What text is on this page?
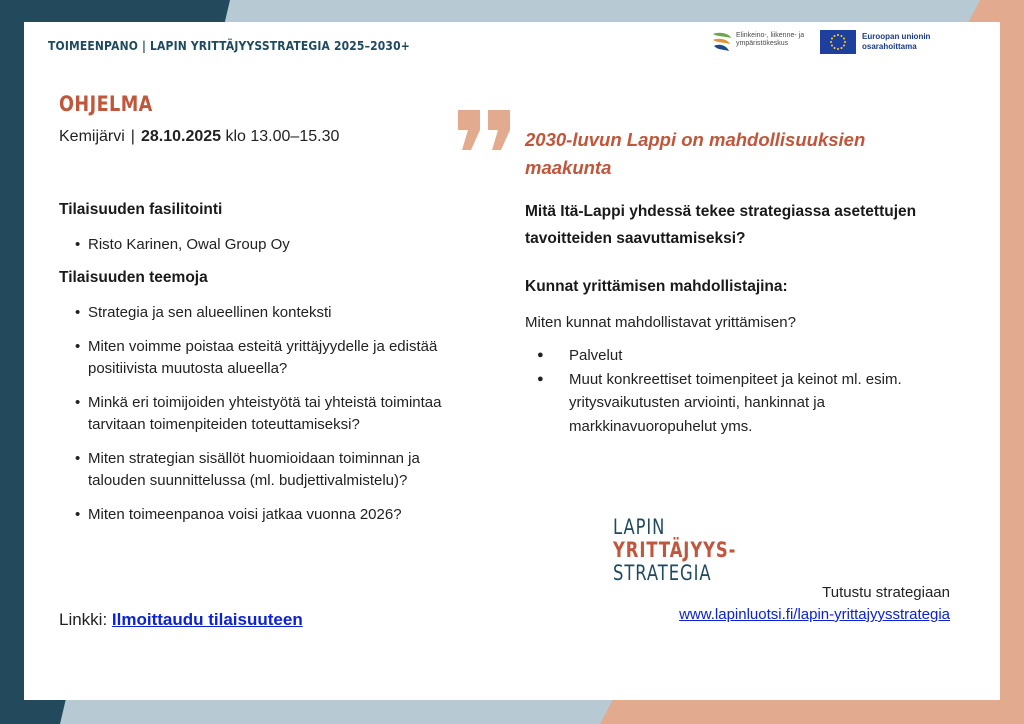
TOIMEENPANO | LAPIN YRITTÄJYYSSTRATEGIA 2025–2030+
Elinkeino-, liikenne- ja ympäristökeskus
Euroopan unionin
osarahoittama
OHJELMA
Kemijärvi | 28.10.2025 klo 13.00–15.30
Tilaisuuden fasilitointi
• Risto Karinen, Owal Group Oy
Tilaisuuden teemoja
• Strategia ja sen alueellinen konteksti
• Miten voimme poistaa esteitä yrittäjyydelle ja edistää positiivista muutosta alueella?
• Minkä eri toimijoiden yhteistyötä tai yhteistä toimintaa tarvitaan toimenpiteiden toteuttamiseksi?
• Miten strategian sisällöt huomioidaan toiminnan ja talouden suunnittelussa (ml. budjettivalmistelu)?
• Miten toimeenpanoa voisi jatkaa vuonna 2026?
Linkki: Ilmoittaudu tilaisuuteen
2030-luvun Lappi on mahdollisuuksien maakunta
Mitä Itä-Lappi yhdessä tekee strategiassa asetettujen tavoitteiden saavuttamiseksi?
Kunnat yrittämisen mahdollistajina:
Miten kunnat mahdollistavat yrittämisen?
● Palvelut
● Muut konkreettiset toimenpiteet ja keinot ml. esim. yritysvaikutusten arviointi, hankinnat ja markkinavuoropuhelut yms.
LAPIN
YRITTÄJYYS-
STRATEGIA
Tutustu strategiaan
www.lapinluotsi.fi/lapin-yrittajyysstrategia
